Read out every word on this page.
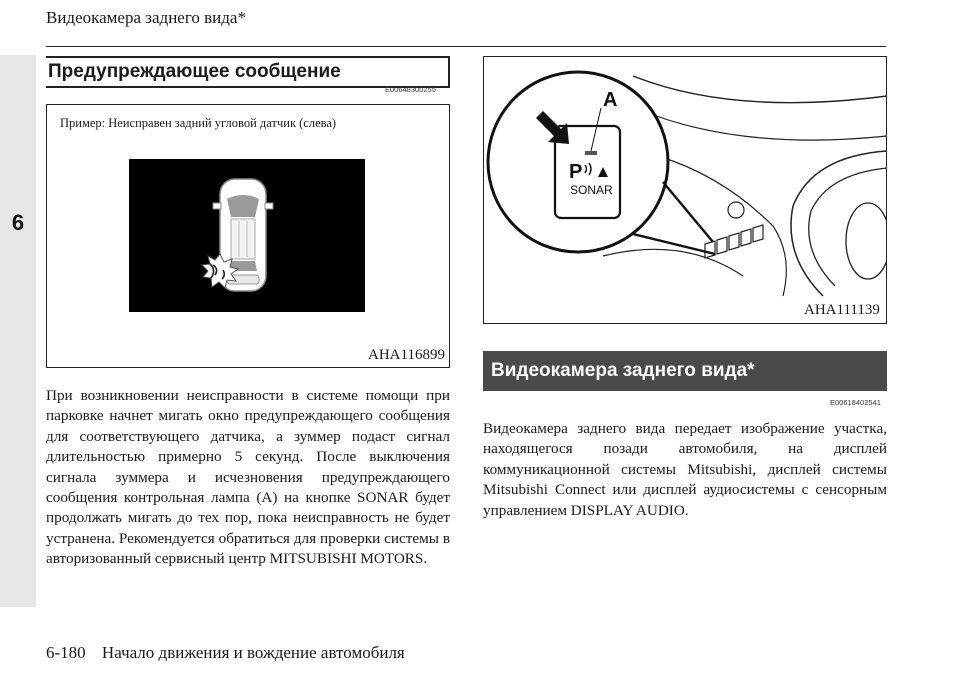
6
Видеокамера заднего вида*
Предупреждающее сообщение
E00648300255
Пример: Неисправен задний угловой датчик (слева)
AHA116899

При возникновении неисправности в системе помощи при парковке начнет мигать окно предупреждающего сообщения для соответствующего датчика, а зуммер подаст сигнал длительностью примерно 5 секунд. После выключения сигнала зуммера и исчезновения предупреждающего сообщения контрольная лампа (A) на кнопке SONAR будет продолжать мигать до тех пор, пока неисправность не будет устранена. Рекомендуется обратиться для проверки системы в авторизованный сервисный центр MITSUBISHI MOTORS.

A
P
SONAR
AHA111139
Видеокамера заднего вида*
E00618402541

Видеокамера заднего вида передает изображение участка, находящегося позади автомобиля, на дисплей коммуникационной системы Mitsubishi, дисплей системы Mitsubishi Connect или дисплей аудиосистемы с сенсорным управлением DISPLAY AUDIO.

6-180 Начало движения и вождение автомобиля
